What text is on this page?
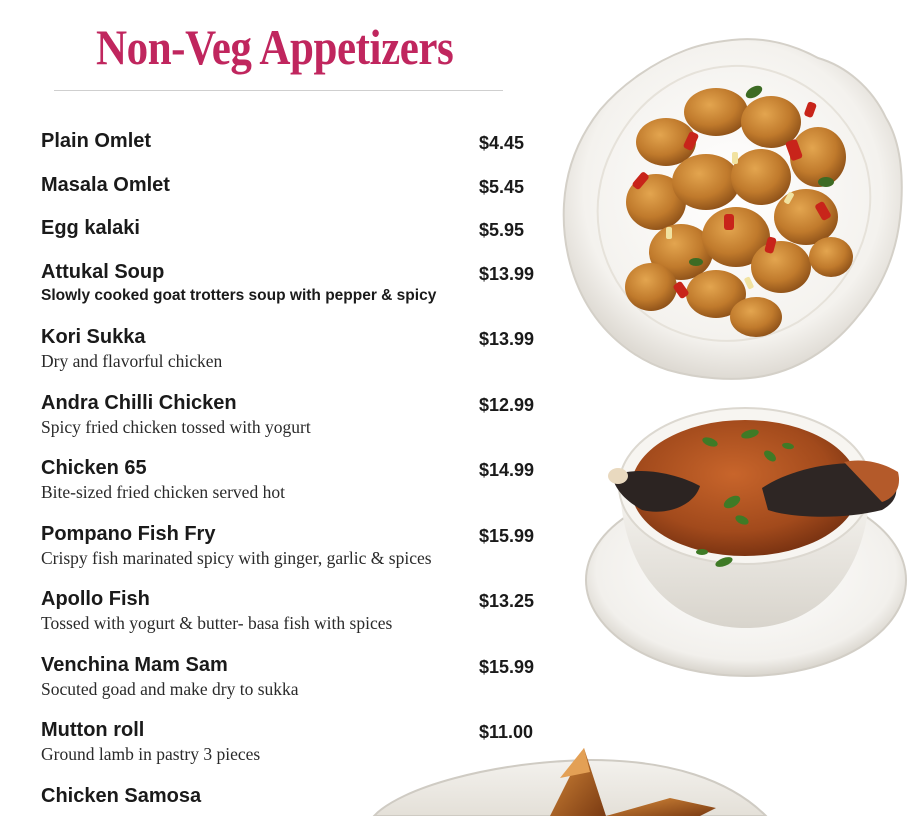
Non-Veg Appetizers
Plain Omlet	$4.45
Masala Omlet	$5.45
Egg kalaki	$5.95
Attukal Soup	$13.99
Slowly cooked goat trotters soup with pepper & spicy
Kori Sukka	$13.99
Dry and flavorful chicken
Andra Chilli Chicken	$12.99
Spicy fried chicken tossed with yogurt
Chicken 65	$14.99
Bite-sized fried chicken served hot
Pompano Fish Fry	$15.99
Crispy fish marinated spicy with ginger, garlic & spices
Apollo Fish	$13.25
Tossed with yogurt & butter- basa fish with spices
Venchina Mam Sam	$15.99
Socuted goad and make dry to sukka
Mutton roll	$11.00
Ground lamb in pastry 3 pieces
Chicken Samosa
